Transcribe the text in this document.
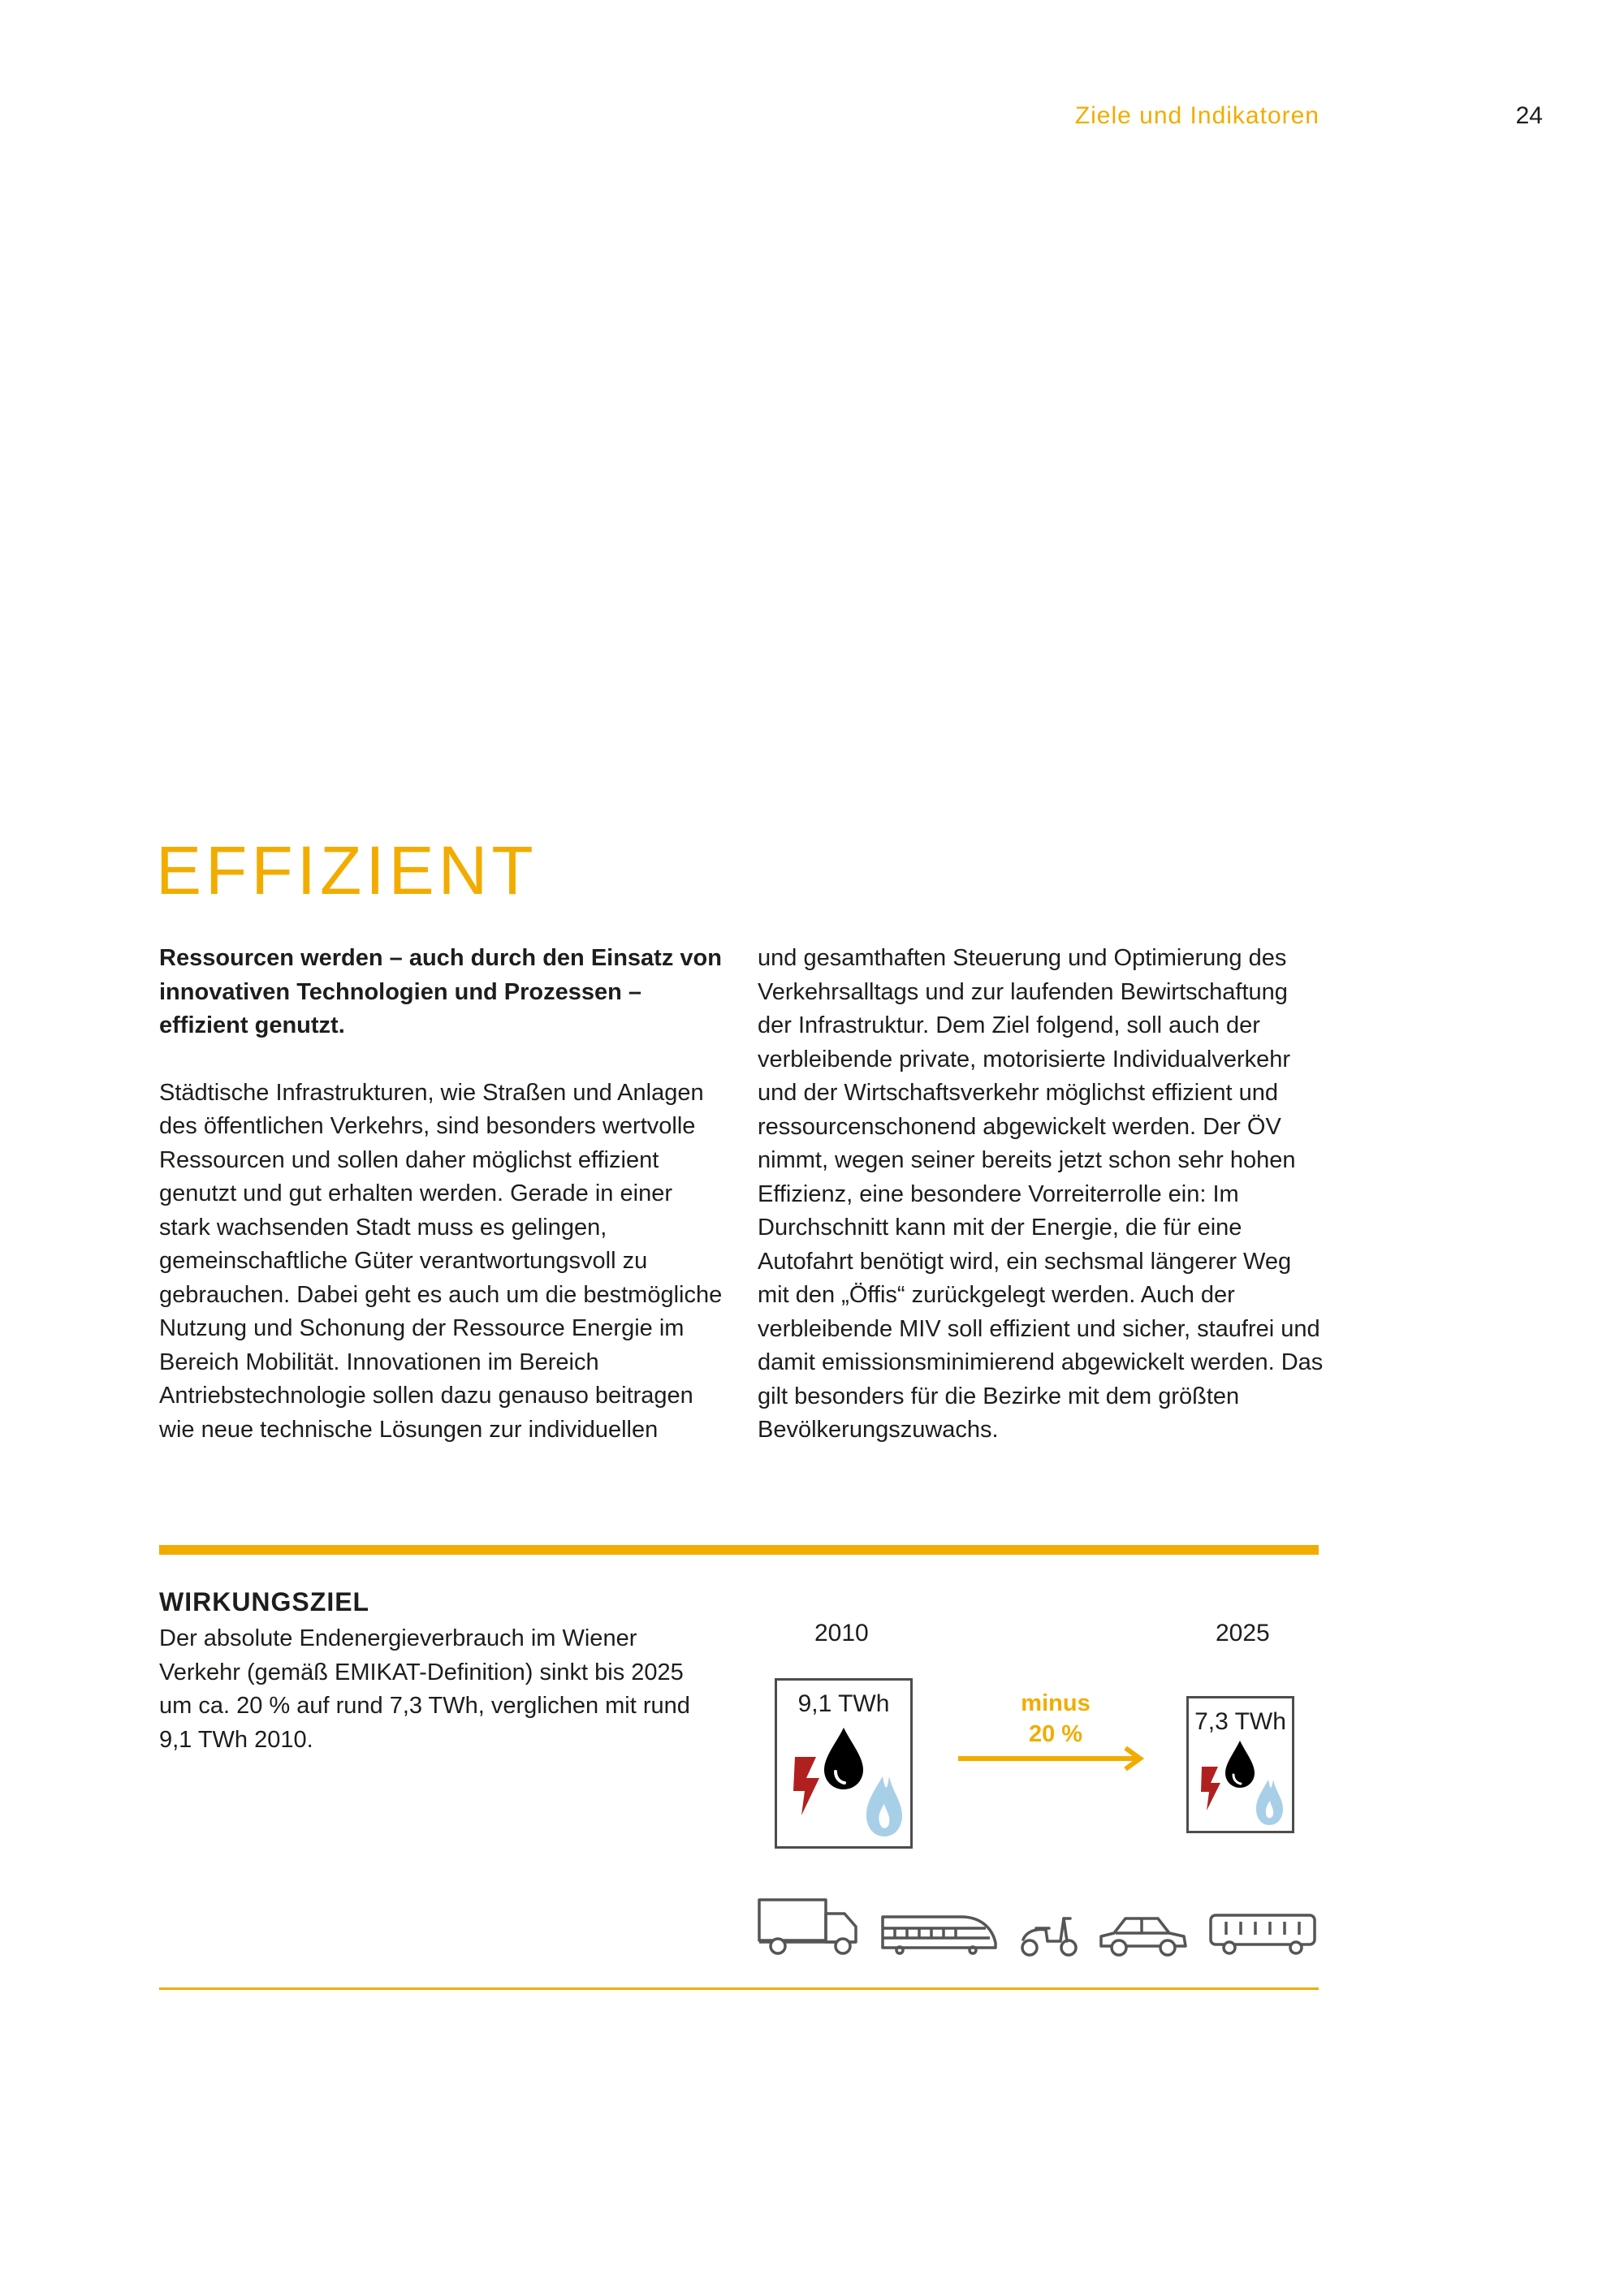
Ziele und Indikatoren	24
EFFIZIENT

Ressourcen werden – auch durch den Einsatz von innovativen Technologien und Prozessen – effizient genutzt.

Städtische Infrastrukturen, wie Straßen und Anlagen des öffentlichen Verkehrs, sind besonders wertvolle Ressourcen und sollen daher möglichst effizient genutzt und gut erhalten werden. Gerade in einer stark wachsenden Stadt muss es gelingen, gemeinschaftliche Güter verantwortungsvoll zu gebrauchen. Dabei geht es auch um die bestmögliche Nutzung und Schonung der Ressource Energie im Bereich Mobilität. Innovationen im Bereich Antriebstechnologie sollen dazu genauso beitragen wie neue technische Lösungen zur individuellen

und gesamthaften Steuerung und Optimierung des Verkehrsalltags und zur laufenden Bewirtschaftung der Infrastruktur. Dem Ziel folgend, soll auch der verbleibende private, motorisierte Individualverkehr und der Wirtschaftsverkehr möglichst effizient und ressourcenschonend abgewickelt werden. Der ÖV nimmt, wegen seiner bereits jetzt schon sehr hohen Effizienz, eine besondere Vorreiterrolle ein: Im Durchschnitt kann mit der Energie, die für eine Autofahrt benötigt wird, ein sechsmal längerer Weg mit den „Öffis“ zurückgelegt werden. Auch der verbleibende MIV soll effizient und sicher, staufrei und damit emissionsminimierend abgewickelt werden. Das gilt besonders für die Bezirke mit dem größten Bevölkerungszuwachs.

WIRKUNGSZIEL
Der absolute Endenergieverbrauch im Wiener Verkehr (gemäß EMIKAT-Definition) sinkt bis 2025 um ca. 20 % auf rund 7,3 TWh, verglichen mit rund 9,1 TWh 2010.
2010	2025
9,1 TWh	minus
20 %	7,3 TWh
